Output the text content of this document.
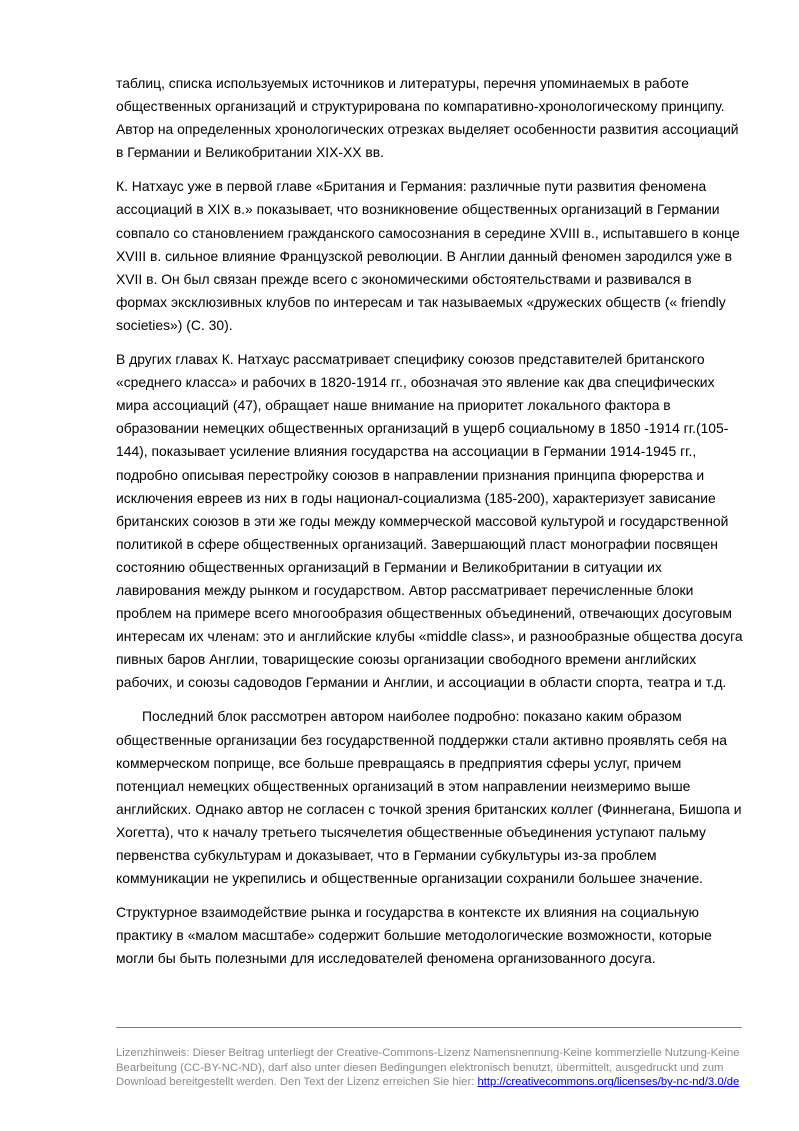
таблиц, списка используемых источников и литературы, перечня упоминаемых в работе общественных организаций и структурирована по компаративно-хронологическому принципу. Автор на определенных хронологических отрезках выделяет особенности развития ассоциаций в Германии и Великобритании XIX-XX вв.

К. Натхаус уже в первой главе «Британия и Германия: различные пути развития феномена ассоциаций в XIX в.» показывает, что возникновение общественных организаций в Германии совпало со становлением гражданского самосознания в середине XVIII в., испытавшего в конце XVIII в. сильное влияние Французской революции. В Англии данный феномен зародился уже в XVII в. Он был связан прежде всего с экономическими обстоятельствами и развивался в формах эксклюзивных клубов по интересам и так называемых «дружеских обществ (« friendly societies») (С. 30).

В других главах К. Натхаус рассматривает специфику союзов представителей британского «среднего класса» и рабочих в 1820-1914 гг., обозначая это явление как два специфических мира ассоциаций (47), обращает наше внимание на приоритет локального фактора в образовании немецких общественных организаций в ущерб социальному в 1850 -1914 гг.(105-144), показывает усиление влияния государства на ассоциации в Германии 1914-1945 гг., подробно описывая перестройку союзов в направлении признания принципа фюрерства и исключения евреев из них в годы национал-социализма (185-200), характеризует зависание британских союзов в эти же годы между коммерческой массовой культурой и государственной политикой в сфере общественных организаций. Завершающий пласт монографии посвящен состоянию общественных организаций в Германии и Великобритании в ситуации их лавирования между рынком и государством. Автор рассматривает перечисленные блоки проблем на примере всего многообразия общественных объединений, отвечающих досуговым интересам их членам: это и английские клубы «middle class», и разнообразные общества досуга пивных баров Англии, товарищеские союзы организации свободного времени английских рабочих, и союзы садоводов Германии и Англии, и ассоциации в области спорта, театра и т.д.

Последний блок рассмотрен автором наиболее подробно: показано каким образом общественные организации без государственной поддержки стали активно проявлять себя на коммерческом поприще, все больше превращаясь в предприятия сферы услуг, причем потенциал немецких общественных организаций в этом направлении неизмеримо выше английских. Однако автор не согласен с точкой зрения британских коллег (Финнегана, Бишопа и Хогетта), что к началу третьего тысячелетия общественные объединения уступают пальму первенства субкультурам и доказывает, что в Германии субкультуры из-за проблем коммуникации не укрепились и общественные организации сохранили большее значение.

Структурное взаимодействие рынка и государства в контексте их влияния на социальную практику в «малом масштабе» содержит большие методологические возможности, которые могли бы быть полезными для исследователей феномена организованного досуга.

Lizenzhinweis: Dieser Beitrag unterliegt der Creative-Commons-Lizenz Namensnennung-Keine kommerzielle Nutzung-Keine Bearbeitung (CC-BY-NC-ND), darf also unter diesen Bedingungen elektronisch benutzt, übermittelt, ausgedruckt und zum Download bereitgestellt werden. Den Text der Lizenz erreichen Sie hier: http://creativecommons.org/licenses/by-nc-nd/3.0/de
